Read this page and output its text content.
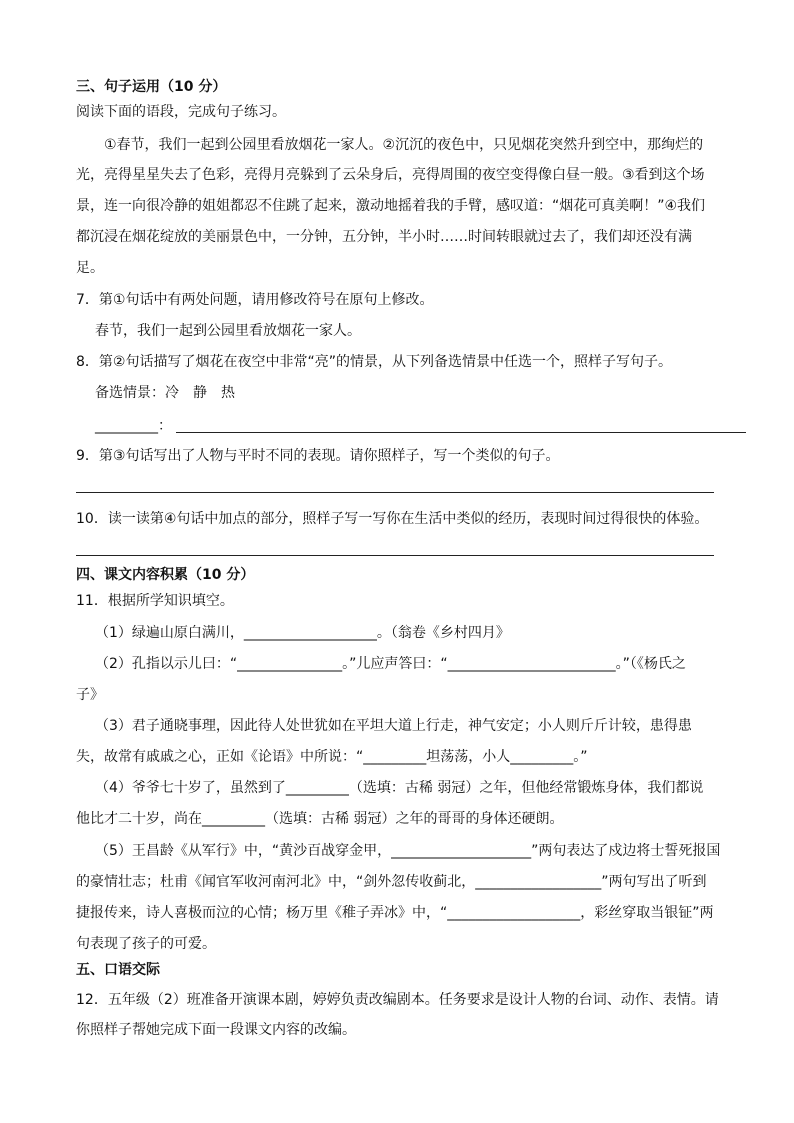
三、句子运用（10 分）
阅读下面的语段，完成句子练习。
①春节，我们一起到公园里看放烟花一家人。②沉沉的夜色中，只见烟花突然升到空中，那绚烂的
光，亮得星星失去了色彩，亮得月亮躲到了云朵身后，亮得周围的夜空变得像白昼一般。③看到这个场
景，连一向很冷静的姐姐都忍不住跳了起来，激动地摇着我的手臂，感叹道：“烟花可真美啊！”④我们
都沉浸在烟花绽放的美丽景色中，一分钟，五分钟，半小时……时间转眼就过去了，我们却还没有满
足。
7．第①句话中有两处问题，请用修改符号在原句上修改。
春节，我们一起到公园里看放烟花一家人。
8．第②句话描写了烟花在夜空中非常“亮”的情景，从下列备选情景中任选一个，照样子写句子。
备选情景：冷　静　热
_________：
9．第③句话写出了人物与平时不同的表现。请你照样子，写一个类似的句子。
10．读一读第④句话中加点的部分，照样子写一写你在生活中类似的经历，表现时间过得很快的体验。
四、课文内容积累（10 分）
11．根据所学知识填空。
（1）绿遍山原白满川，___________________。（翁卷《乡村四月》
（2）孔指以示儿曰：“_______________。”儿应声答曰：“________________________。”（《杨氏之
子》
（3）君子通晓事理，因此待人处世犹如在平坦大道上行走，神气安定；小人则斤斤计较，患得患
失，故常有戚戚之心，正如《论语》中所说：“_________坦荡荡，小人_________。”
（4）爷爷七十岁了，虽然到了_________（选填：古稀 弱冠）之年，但他经常锻炼身体，我们都说
他比才二十岁，尚在_________（选填：古稀 弱冠）之年的哥哥的身体还硬朗。
（5）王昌龄《从军行》中，“黄沙百战穿金甲，____________________”两句表达了戍边将士誓死报国
的豪情壮志；杜甫《闻官军收河南河北》中，“剑外忽传收蓟北，__________________”两句写出了听到
捷报传来，诗人喜极而泣的心情；杨万里《稚子弄冰》中，“___________________，彩丝穿取当银钲”两
句表现了孩子的可爱。
五、口语交际
12．五年级（2）班准备开演课本剧，婷婷负责改编剧本。任务要求是设计人物的台词、动作、表情。请
你照样子帮她完成下面一段课文内容的改编。
